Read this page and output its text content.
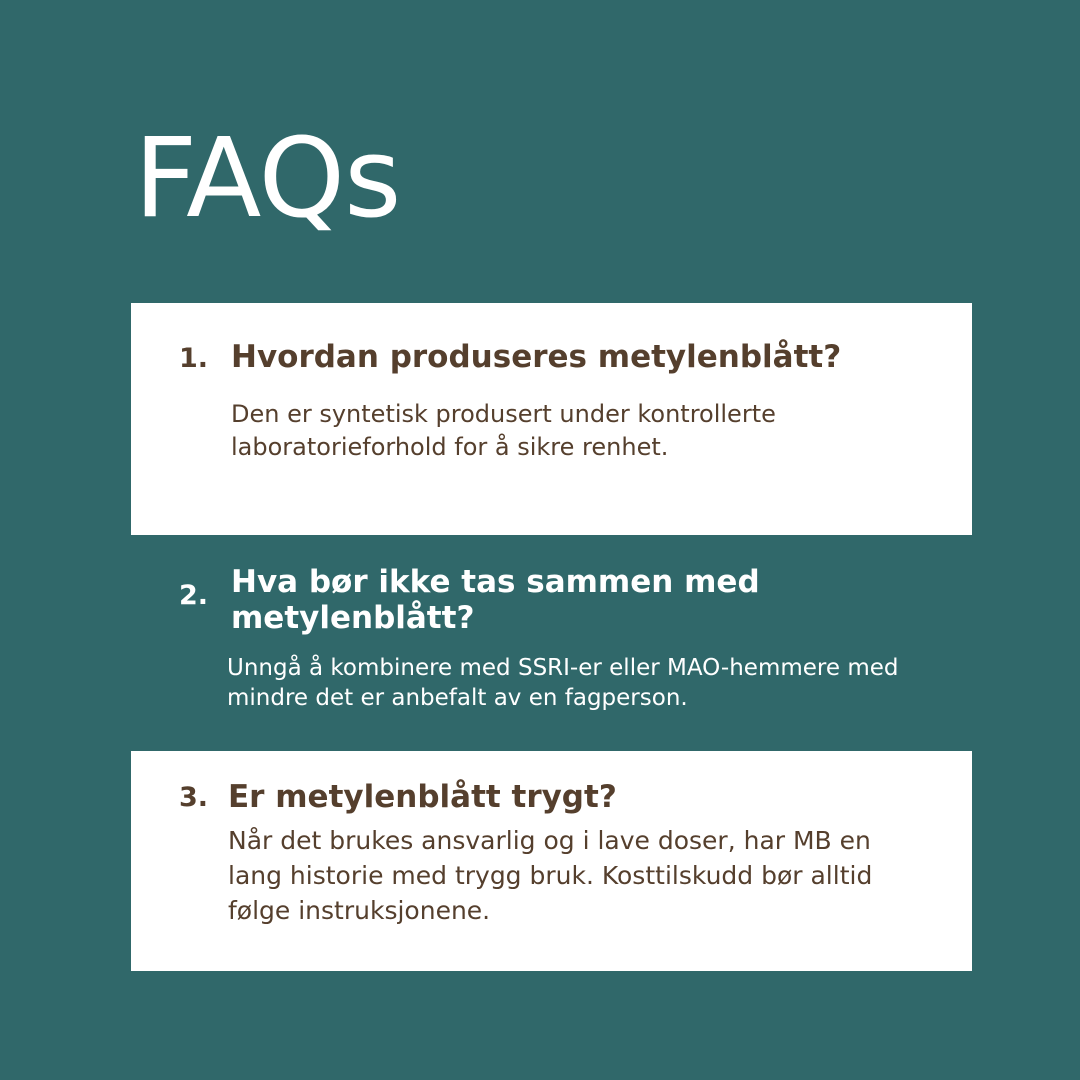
FAQs
1. Hvordan produseres metylenblått?

Den er syntetisk produsert under kontrollerte laboratorieforhold for å sikre renhet.

2. Hva bør ikke tas sammen med metylenblått?

Unngå å kombinere med SSRI-er eller MAO-hemmere med mindre det er anbefalt av en fagperson.

3. Er metylenblått trygt?

Når det brukes ansvarlig og i lave doser, har MB en lang historie med trygg bruk. Kosttilskudd bør alltid følge instruksjonene.
